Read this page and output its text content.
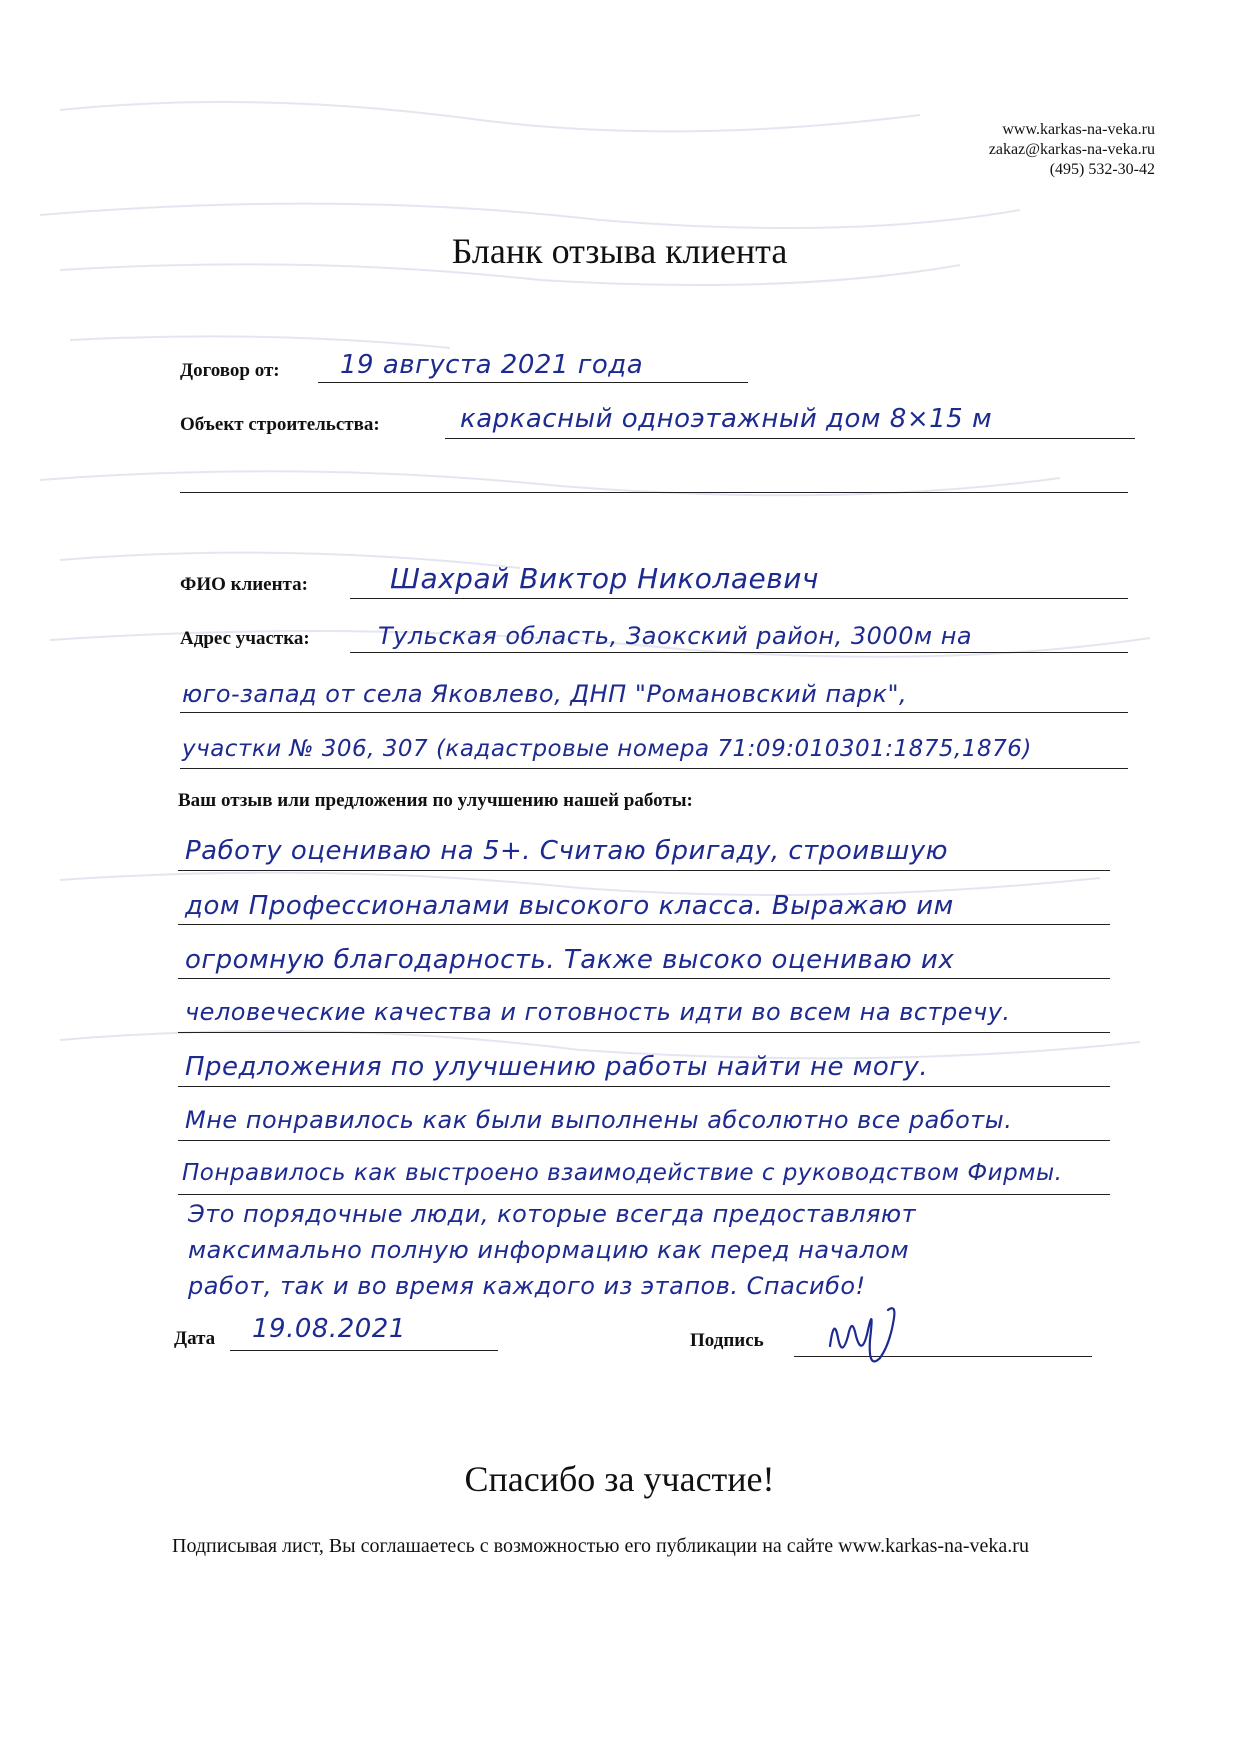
www.karkas-na-veka.ru
zakaz@karkas-na-veka.ru
(495) 532-30-42
Бланк отзыва клиента
Договор от: 19 августа 2021 года
Объект строительства:	каркасный одноэтажный дом 8×15 м
ФИО клиента:	Шахрай Виктор Николаевич
Адрес участка:	Тульская область, Заокский район, 3000м на
юго-запад от села Яковлево, ДНП "Романовский парк",
участки № 306, 307 (кадастровые номера 71:09:010301:1875,1876)
Ваш отзыв или предложения по улучшению нашей работы:
Работу оцениваю на 5+. Считаю бригаду, строившую
дом Профессионалами высокого класса. Выражаю им
огромную благодарность. Также высоко оцениваю их
человеческие качества и готовность идти во всем на встречу.
Предложения по улучшению работы найти не могу.
Мне понравилось как были выполнены абсолютно все работы.
Понравилось как выстроено взаимодействие с руководством Фирмы.
Это порядочные люди, которые всегда предоставляют
максимально полную информацию как перед началом
работ, так и во время каждого из этапов. Спасибо!
Дата 19.08.2021	Подпись
Спасибо за участие!
Подписывая лист, Вы соглашаетесь с возможностью его публикации на сайте www.karkas-na-veka.ru
